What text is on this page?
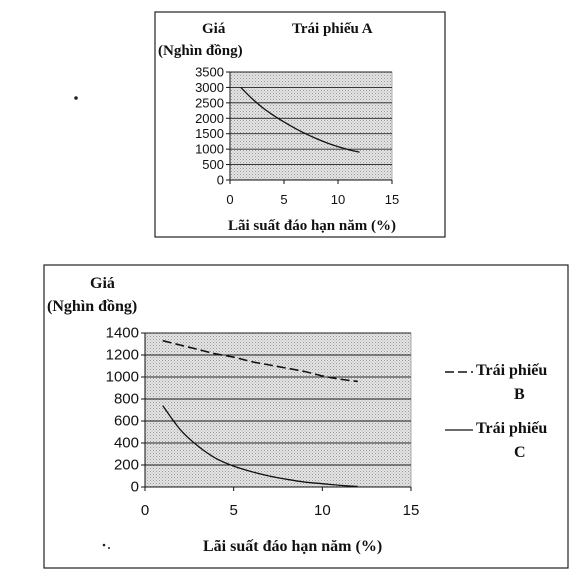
3500
3000
2500
2000
1500
1000
500
0
0	5	10	15
Giá
(Nghìn đồng)
Trái phiếu A
Lãi suất đáo hạn năm (%)
1400
1200
1000
800
600
400
200
0
0	5	10	15
Giá
(Nghìn đồng)
Lãi suất đáo hạn năm (%)
Trái phiếu
B
Trái phiếu
C
